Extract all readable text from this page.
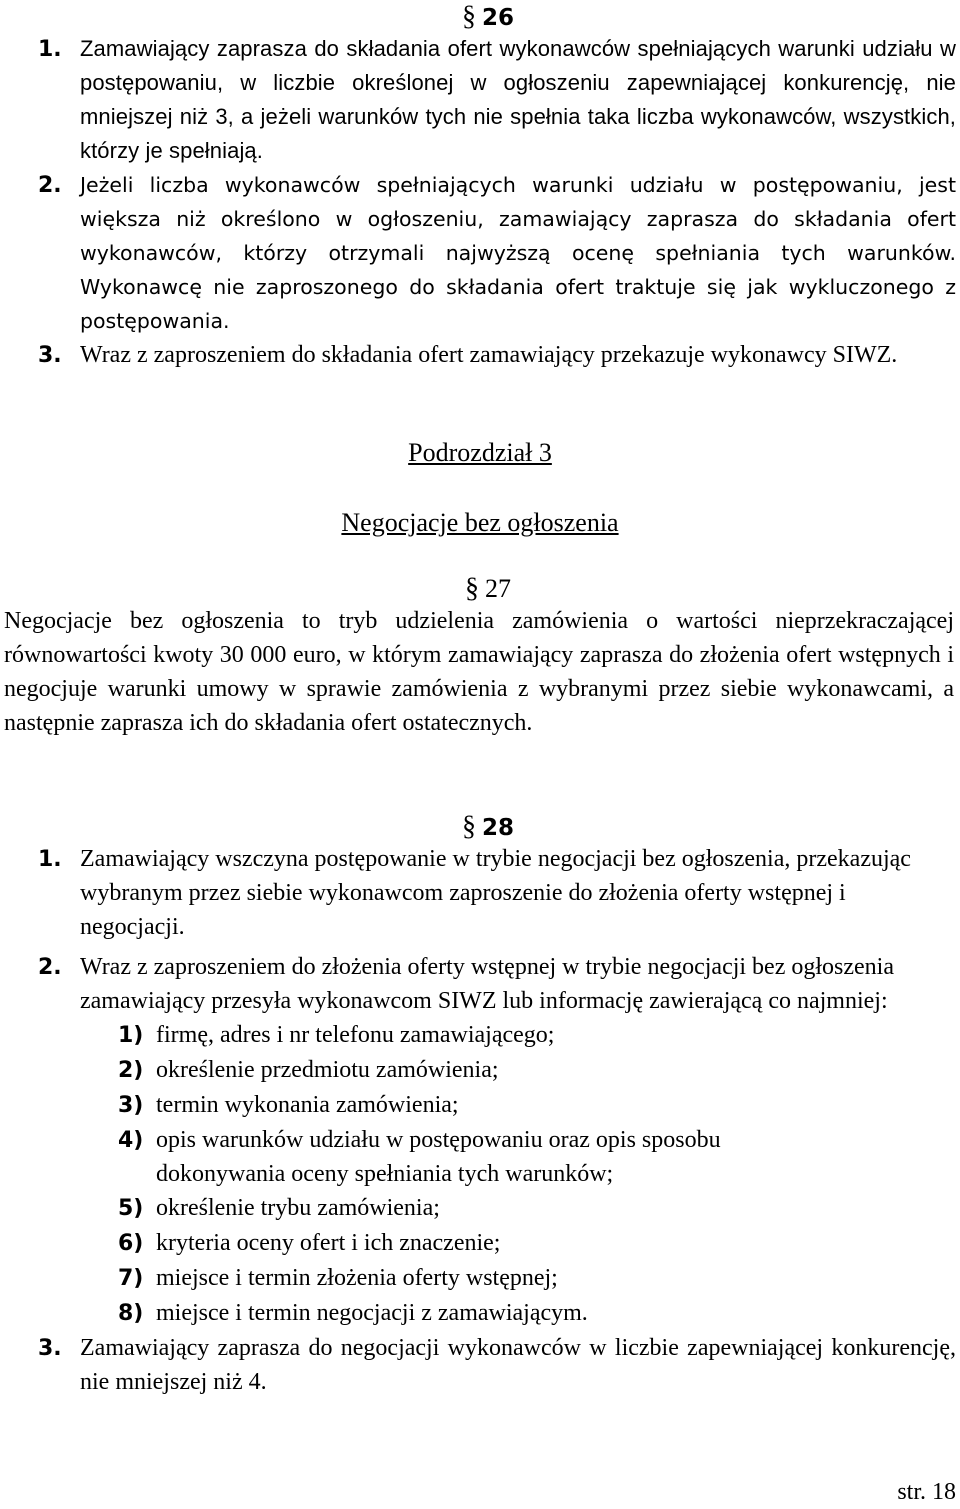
§ 26
1. Zamawiający zaprasza do składania ofert wykonawców spełniających warunki udziału w postępowaniu, w liczbie określonej w ogłoszeniu zapewniającej konkurencję, nie mniejszej niż 3, a jeżeli warunków tych nie spełnia taka liczba wykonawców, wszystkich, którzy je spełniają.
2. Jeżeli liczba wykonawców spełniających warunki udziału w postępowaniu, jest większa niż określono w ogłoszeniu, zamawiający zaprasza do składania ofert wykonawców, którzy otrzymali najwyższą ocenę spełniania tych warunków. Wykonawcę nie zaproszonego do składania ofert traktuje się jak wykluczonego z postępowania.
3. Wraz z zaproszeniem do składania ofert zamawiający przekazuje wykonawcy SIWZ.
Podrozdział 3
Negocjacje bez ogłoszenia
§ 27
Negocjacje bez ogłoszenia to tryb udzielenia zamówienia o wartości nieprzekraczającej równowartości kwoty 30 000 euro, w którym zamawiający zaprasza do złożenia ofert wstępnych i negocjuje warunki umowy w sprawie zamówienia z wybranymi przez siebie wykonawcami, a następnie zaprasza ich do składania ofert ostatecznych.
§ 28
1. Zamawiający wszczyna postępowanie w trybie negocjacji bez ogłoszenia, przekazując wybranym przez siebie wykonawcom zaproszenie do złożenia oferty wstępnej i negocjacji.
2. Wraz z zaproszeniem do złożenia oferty wstępnej w trybie negocjacji bez ogłoszenia zamawiający przesyła wykonawcom SIWZ lub informację zawierającą co najmniej:
1) firmę, adres i nr telefonu zamawiającego;
2) określenie przedmiotu zamówienia;
3) termin wykonania zamówienia;
4) opis warunków udziału w postępowaniu oraz opis sposobu dokonywania oceny spełniania tych warunków;
5) określenie trybu zamówienia;
6) kryteria oceny ofert i ich znaczenie;
7) miejsce i termin złożenia oferty wstępnej;
8) miejsce i termin negocjacji z zamawiającym.
3. Zamawiający zaprasza do negocjacji wykonawców w liczbie zapewniającej konkurencję, nie mniejszej niż 4.
str. 18
